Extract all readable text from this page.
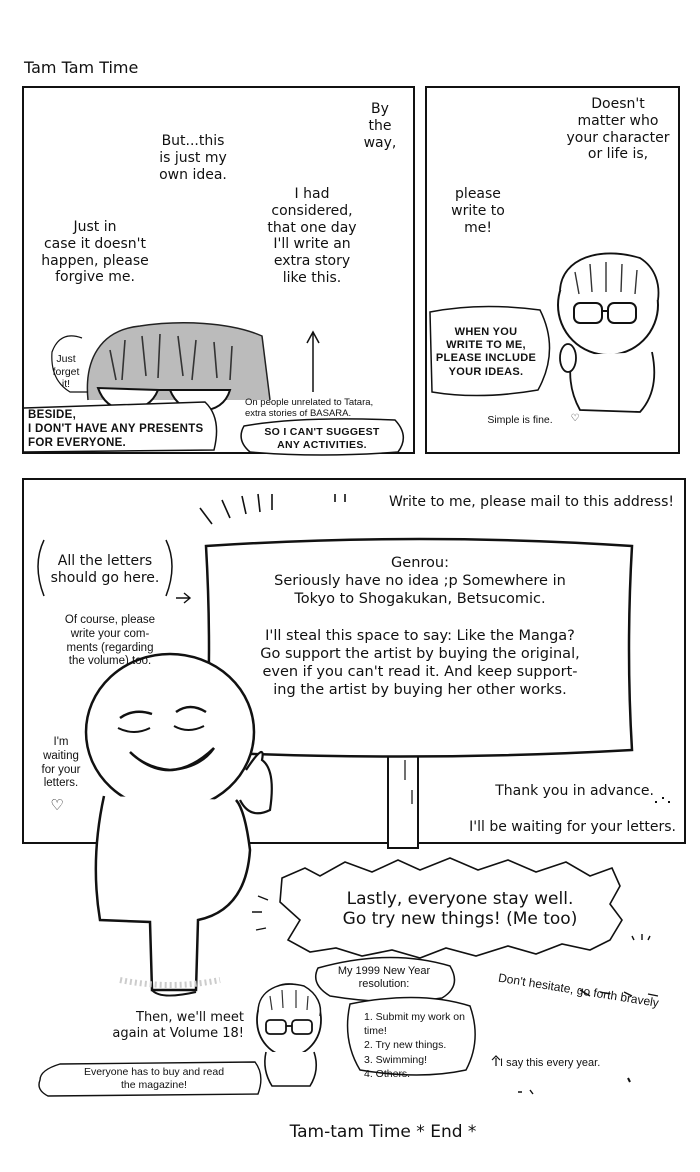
Tam Tam Time
By
the
way,
But...this
is just my
own idea.
I had
considered,
that one day
I'll write an
extra story
like this.
Just in
case it doesn't
happen, please
forgive me.
Just
forget
it!
On people unrelated to Tatara,
extra stories of BASARA.
BESIDE,
I DON'T HAVE ANY PRESENTS
FOR EVERYONE.
SO I CAN'T SUGGEST
ANY ACTIVITIES.
Doesn't
matter who
your character
or life is,
please
write to
me!
WHEN YOU
WRITE TO ME,
PLEASE INCLUDE
YOUR IDEAS.
Simple is fine.	♡
Write to me, please mail to this address!
All the letters
should go here.
Of course, please
write your com-
ments (regarding
the volume) too.
Genrou:
Seriously have no idea ;p Somewhere in
Tokyo to Shogakukan, Betsucomic.

I'll steal this space to say: Like the Manga?
Go support the artist by buying the original,
even if you can't read it. And keep support-
ing the artist by buying her other works.
I'm
waiting
for your
letters.
♡
Thank you in advance.
I'll be waiting for your letters.
Lastly, everyone stay well.
Go try new things! (Me too)
Don't hesitate, go forth bravely
My 1999 New Year
resolution:
1. Submit my work on time!
2. Try new things.
3. Swimming!
4. Others.
I say this every year.
Then, we'll meet
again at Volume 18!
Everyone has to buy and read
the magazine!
Tam-tam Time * End *
